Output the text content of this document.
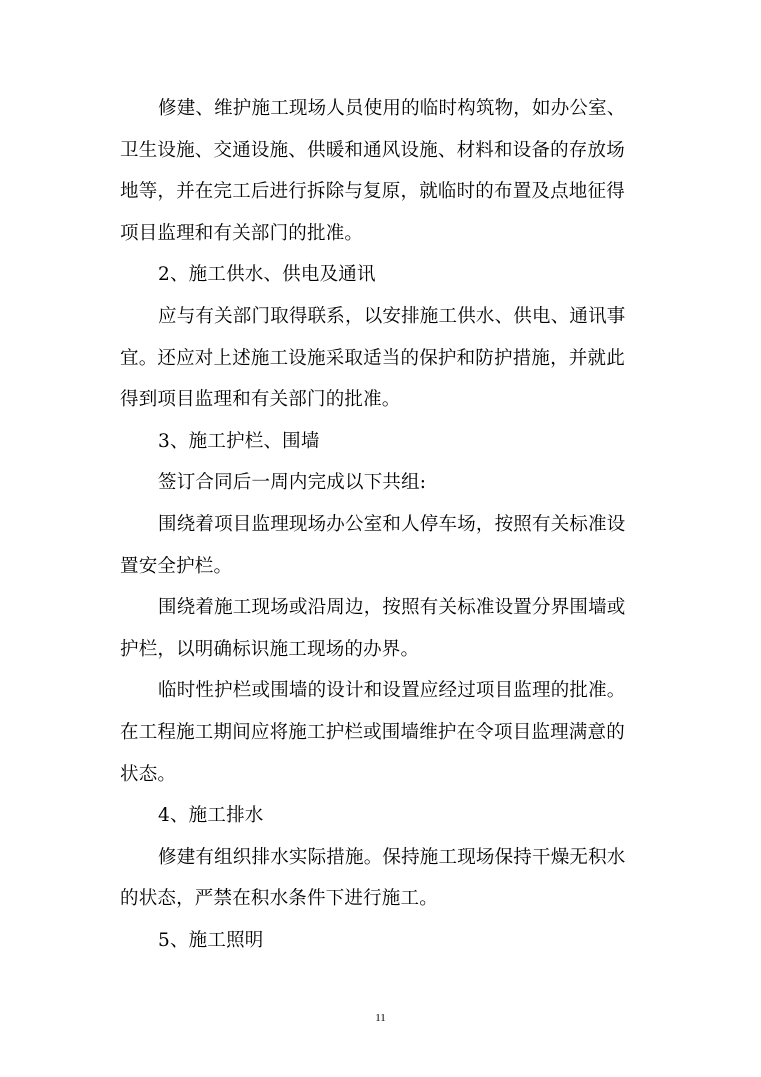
修建、维护施工现场人员使用的临时构筑物，如办公室、
卫生设施、交通设施、供暖和通风设施、材料和设备的存放场
地等，并在完工后进行拆除与复原，就临时的布置及点地征得
项目监理和有关部门的批准。
2、施工供水、供电及通讯
应与有关部门取得联系，以安排施工供水、供电、通讯事
宜。还应对上述施工设施采取适当的保护和防护措施，并就此
得到项目监理和有关部门的批准。
3、施工护栏、围墙
签订合同后一周内完成以下共组:
围绕着项目监理现场办公室和人停车场，按照有关标准设
置安全护栏。
围绕着施工现场或沿周边，按照有关标准设置分界围墙或
护栏，以明确标识施工现场的办界。
临时性护栏或围墙的设计和设置应经过项目监理的批准。
在工程施工期间应将施工护栏或围墙维护在令项目监理满意的
状态。
4、施工排水
修建有组织排水实际措施。保持施工现场保持干燥无积水
的状态，严禁在积水条件下进行施工。
5、施工照明
11
